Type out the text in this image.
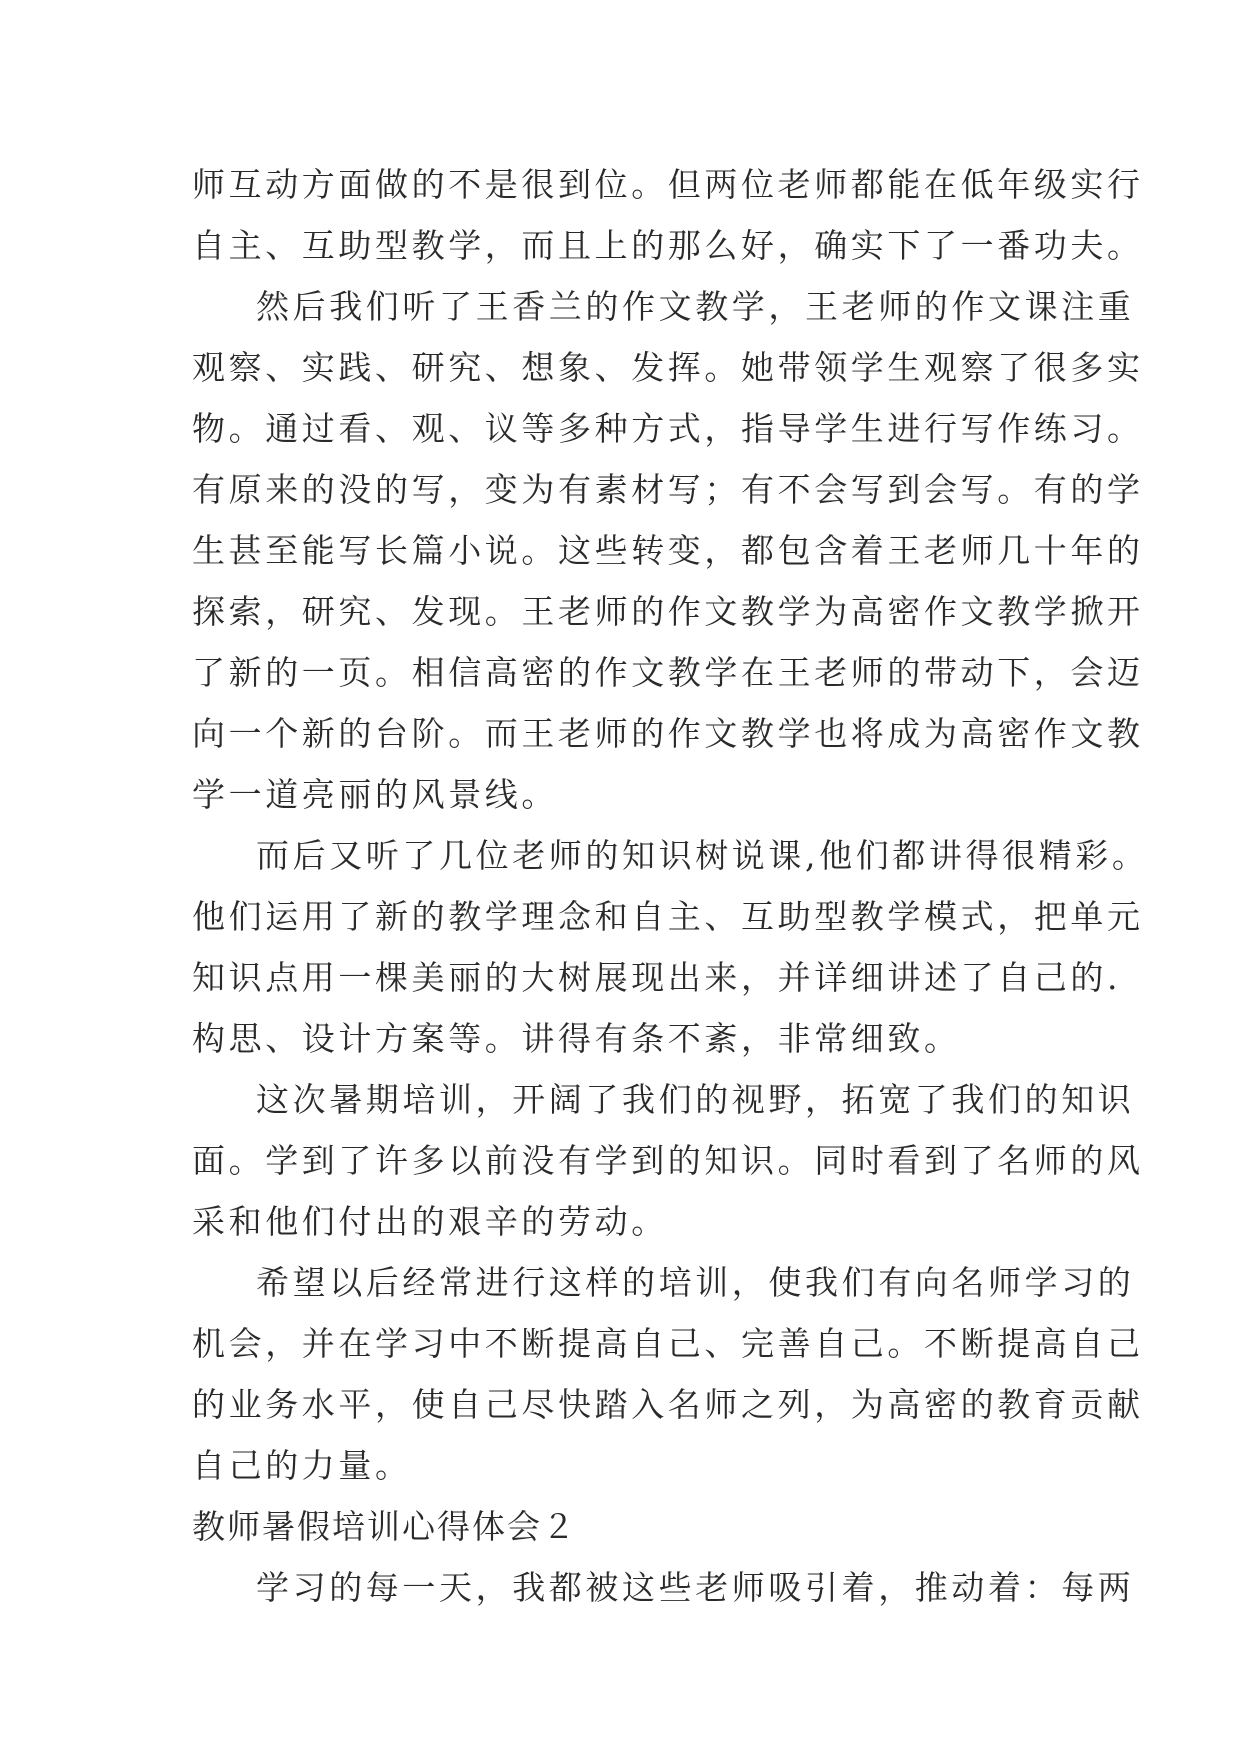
师互动方面做的不是很到位。但两位老师都能在低年级实行
自主、互助型教学，而且上的那么好，确实下了一番功夫。
然后我们听了王香兰的作文教学，王老师的作文课注重
观察、实践、研究、想象、发挥。她带领学生观察了很多实
物。通过看、观、议等多种方式，指导学生进行写作练习。
有原来的没的写，变为有素材写；有不会写到会写。有的学
生甚至能写长篇小说。这些转变，都包含着王老师几十年的
探索，研究、发现。王老师的作文教学为高密作文教学掀开
了新的一页。相信高密的作文教学在王老师的带动下，会迈
向一个新的台阶。而王老师的作文教学也将成为高密作文教
学一道亮丽的风景线。
而后又听了几位老师的知识树说课,他们都讲得很精彩。
他们运用了新的教学理念和自主、互助型教学模式，把单元
知识点用一棵美丽的大树展现出来，并详细讲述了自己的.
构思、设计方案等。讲得有条不紊，非常细致。
这次暑期培训，开阔了我们的视野，拓宽了我们的知识
面。学到了许多以前没有学到的知识。同时看到了名师的风
采和他们付出的艰辛的劳动。
希望以后经常进行这样的培训，使我们有向名师学习的
机会，并在学习中不断提高自己、完善自己。不断提高自己
的业务水平，使自己尽快踏入名师之列，为高密的教育贡献
自己的力量。
教师暑假培训心得体会２
学习的每一天，我都被这些老师吸引着，推动着：每两
